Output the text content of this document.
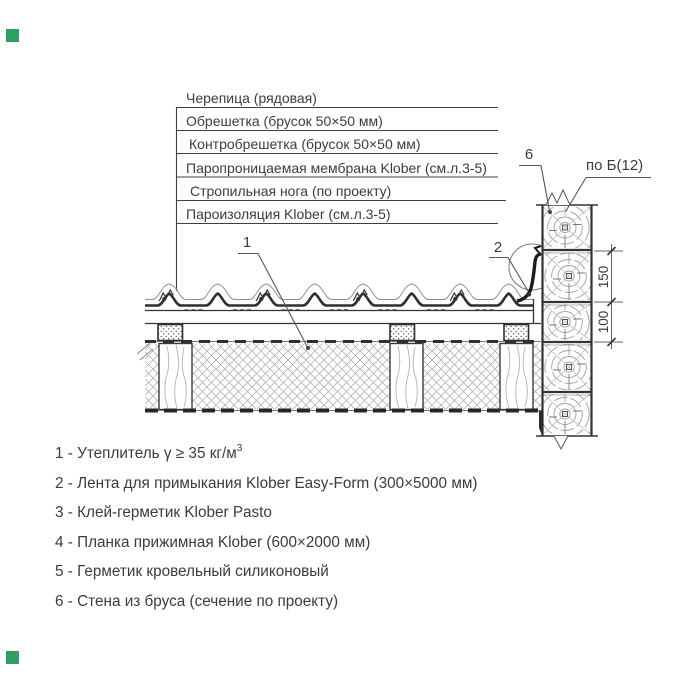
Черепица (рядовая)
Обрешетка (брусок 50×50 мм)
Контробрешетка (брусок 50×50 мм)
Паропроницаемая мембрана Klober (см.л.3-5)
Стропильная нога (по проекту)
Пароизоляция Klober (см.л.3-5)
1	2
6
по Б(12)
150
100
1 - Утеплитель γ ≥ 35 $кг/м^3$
2 - Лента для примыкания Klober Easy-Form (300×5000 мм)
3 - Клей-герметик Klober Pasto
4 - Планка прижимная Klober (600×2000 мм)
5 - Герметик кровельный силиконовый
6 - Стена из бруса (сечение по проекту)
